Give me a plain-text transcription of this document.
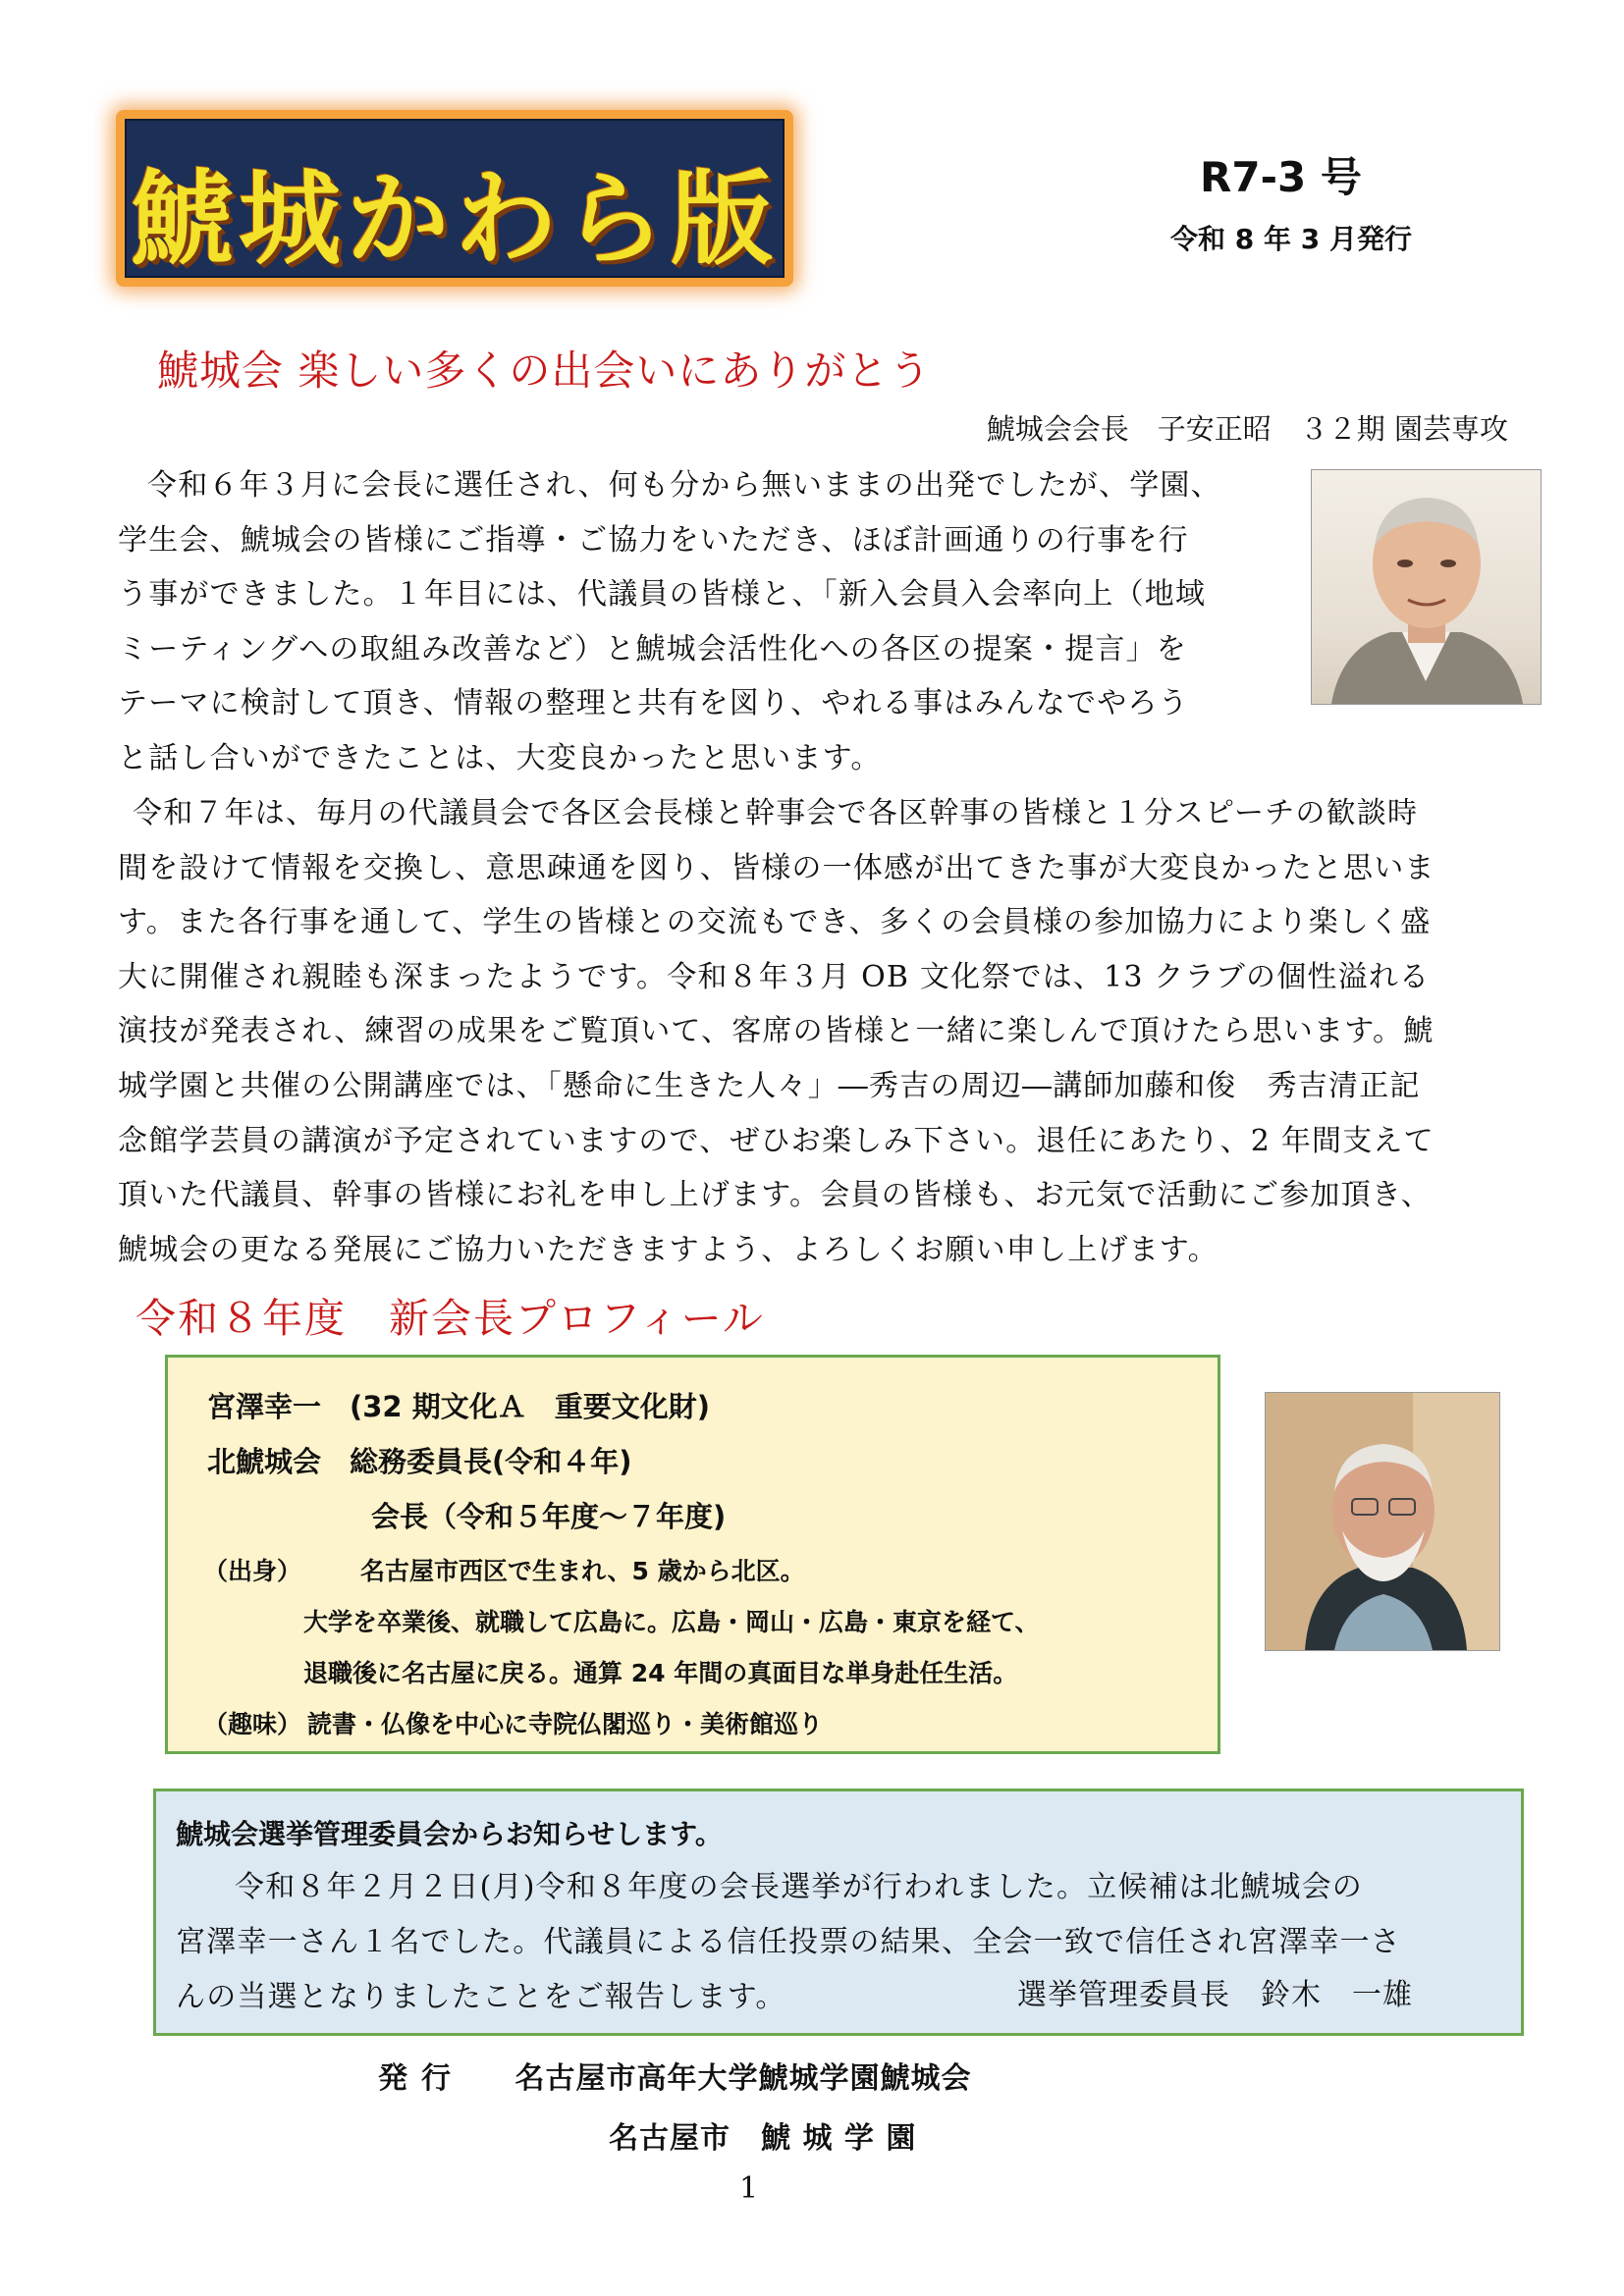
鯱城かわら版	R7-3 号
令和 8 年 3 月発行
鯱城会 楽しい多くの出会いにありがとう
鯱城会会長　子安正昭　３２期 園芸専攻
令和６年３月に会長に選任され、何も分から無いままの出発でしたが、学園、
学生会、鯱城会の皆様にご指導・ご協力をいただき、ほぼ計画通りの行事を行
う事ができました。１年目には、代議員の皆様と、「新入会員入会率向上（地域
ミーティングへの取組み改善など）と鯱城会活性化への各区の提案・提言」を
テーマに検討して頂き、情報の整理と共有を図り、やれる事はみんなでやろう
と話し合いができたことは、大変良かったと思います。
令和７年は、毎月の代議員会で各区会長様と幹事会で各区幹事の皆様と１分スピーチの歓談時
間を設けて情報を交換し、意思疎通を図り、皆様の一体感が出てきた事が大変良かったと思いま
す。また各行事を通して、学生の皆様との交流もでき、多くの会員様の参加協力により楽しく盛
大に開催され親睦も深まったようです。令和８年３月 OB 文化祭では、13 クラブの個性溢れる
演技が発表され、練習の成果をご覧頂いて、客席の皆様と一緒に楽しんで頂けたら思います。鯱
城学園と共催の公開講座では、「懸命に生きた人々」―秀吉の周辺―講師加藤和俊　秀吉清正記
念館学芸員の講演が予定されていますので、ぜひお楽しみ下さい。退任にあたり、2 年間支えて
頂いた代議員、幹事の皆様にお礼を申し上げます。会員の皆様も、お元気で活動にご参加頂き、
鯱城会の更なる発展にご協力いただきますよう、よろしくお願い申し上げます。
令和８年度　新会長プロフィール
宮澤幸一　(32 期文化Ａ　重要文化財)
北鯱城会　総務委員長(令和４年)
会長（令和５年度～７年度)
（出身） 名古屋市西区で生まれ、5 歳から北区。
大学を卒業後、就職して広島に。広島・岡山・広島・東京を経て、
退職後に名古屋に戻る。通算 24 年間の真面目な単身赴任生活。
（趣味） 読書・仏像を中心に寺院仏閣巡り・美術館巡り
鯱城会選挙管理委員会からお知らせします。
令和８年２月２日(月)令和８年度の会長選挙が行われました。立候補は北鯱城会の
宮澤幸一さん１名でした。代議員による信任投票の結果、全会一致で信任され宮澤幸一さ
んの当選となりましたことをご報告します。	選挙管理委員長　鈴木　一雄
発行 名古屋市高年大学鯱城学園鯱城会
名古屋市　鯱 城 学 園
1
